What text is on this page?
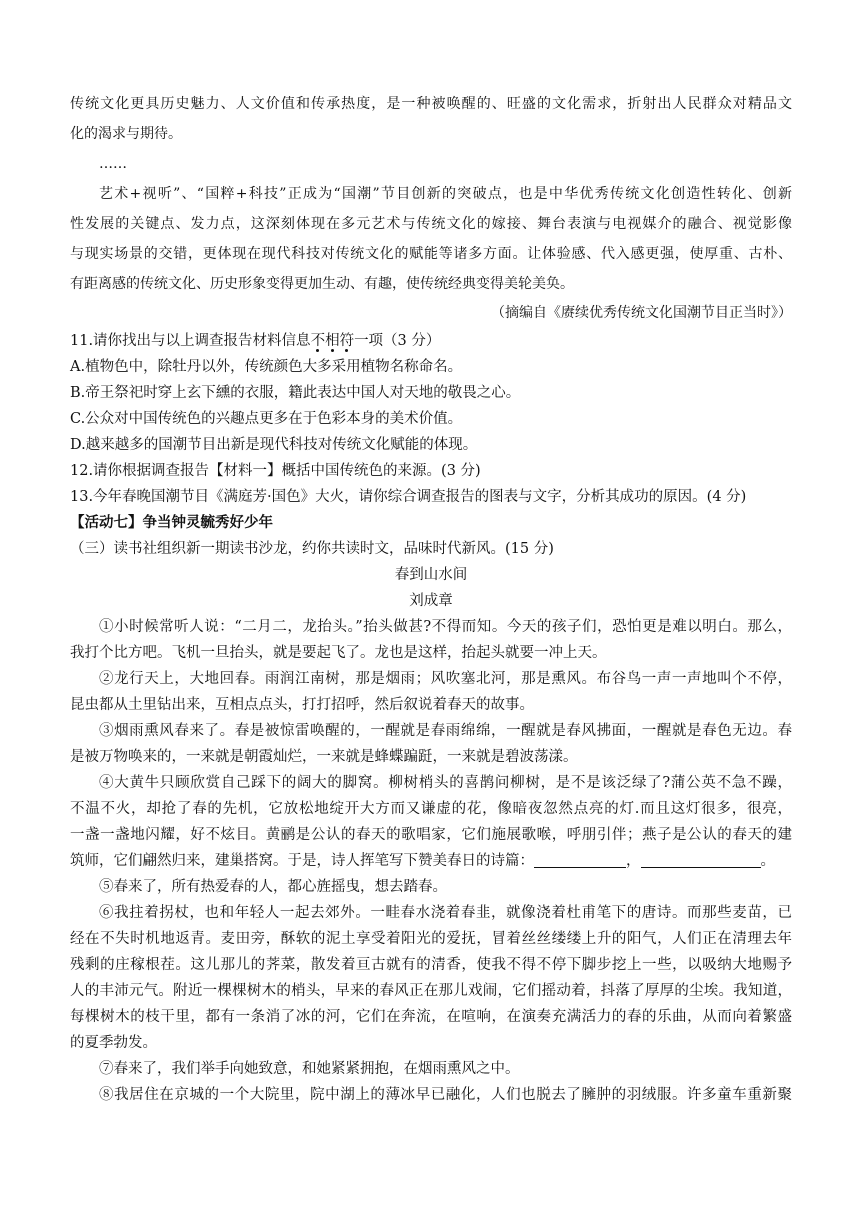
传统文化更具历史魅力、人文价值和传承热度，是一种被唤醒的、旺盛的文化需求，折射出人民群众对精品文
化的渴求与期待。
……
艺术+视听”、“国粹+科技”正成为“国潮”节目创新的突破点，也是中华优秀传统文化创造性转化、创新
性发展的关键点、发力点，这深刻体现在多元艺术与传统文化的嫁接、舞台表演与电视媒介的融合、视觉影像
与现实场景的交错，更体现在现代科技对传统文化的赋能等诸多方面。让体验感、代入感更强，使厚重、古朴、
有距离感的传统文化、历史形象变得更加生动、有趣，使传统经典变得美轮美奂。
（摘编自《赓续优秀传统文化国潮节目正当时》）
11.请你找出与以上调查报告材料信息不相符一项（3 分）
A.植物色中，除牡丹以外，传统颜色大多采用植物名称命名。
B.帝王祭祀时穿上玄下纁的衣服，籍此表达中国人对天地的敬畏之心。
C.公众对中国传统色的兴趣点更多在于色彩本身的美术价值。
D.越来越多的国潮节目出新是现代科技对传统文化赋能的体现。
12.请你根据调查报告【材料一】概括中国传统色的来源。(3 分)
13.今年春晚国潮节目《满庭芳·国色》大火，请你综合调查报告的图表与文字，分析其成功的原因。(4 分)
【活动七】争当钟灵毓秀好少年
（三）读书社组织新一期读书沙龙，约你共读时文，品味时代新风。(15 分)
春到山水间
刘成章
①小时候常听人说：“二月二，龙抬头。”抬头做甚?不得而知。今天的孩子们，恐怕更是难以明白。那么，
我打个比方吧。飞机一旦抬头，就是要起飞了。龙也是这样，抬起头就要一冲上天。
②龙行天上，大地回春。雨润江南树，那是烟雨；风吹塞北河，那是熏风。布谷鸟一声一声地叫个不停，
昆虫都从土里钻出来，互相点点头，打打招呼，然后叙说着春天的故事。
③烟雨熏风春来了。春是被惊雷唤醒的，一醒就是春雨绵绵，一醒就是春风拂面，一醒就是春色无边。春
是被万物唤来的，一来就是朝霞灿烂，一来就是蜂蝶蹁跹，一来就是碧波荡漾。
④大黄牛只顾欣赏自己踩下的阔大的脚窝。柳树梢头的喜鹊问柳树，是不是该泛绿了?蒲公英不急不躁，
不温不火，却抢了春的先机，它放松地绽开大方而又谦虚的花，像暗夜忽然点亮的灯.而且这灯很多，很亮，
一盏一盏地闪耀，好不炫目。黄鹂是公认的春天的歌唱家，它们施展歌喉，呼朋引伴；燕子是公认的春天的建
筑师，它们翩然归来，建巢搭窝。于是，诗人挥笔写下赞美春日的诗篇：	，	。
⑤春来了，所有热爱春的人，都心旌摇曳，想去踏春。
⑥我拄着拐杖，也和年轻人一起去郊外。一畦春水浇着春韭，就像浇着杜甫笔下的唐诗。而那些麦苗，已
经在不失时机地返青。麦田旁，酥软的泥土享受着阳光的爱抚，冒着丝丝缕缕上升的阳气，人们正在清理去年
残剩的庄稼根茬。这儿那儿的荠菜，散发着亘古就有的清香，使我不得不停下脚步挖上一些，以吸纳大地赐予
人的丰沛元气。附近一棵棵树木的梢头，早来的春风正在那儿戏闹，它们摇动着，抖落了厚厚的尘埃。我知道，
每棵树木的枝干里，都有一条消了冰的河，它们在奔流，在喧响，在演奏充满活力的春的乐曲，从而向着繁盛
的夏季勃发。
⑦春来了，我们举手向她致意，和她紧紧拥抱，在烟雨熏风之中。
⑧我居住在京城的一个大院里，院中湖上的薄冰早已融化，人们也脱去了臃肿的羽绒服。许多童车重新聚
